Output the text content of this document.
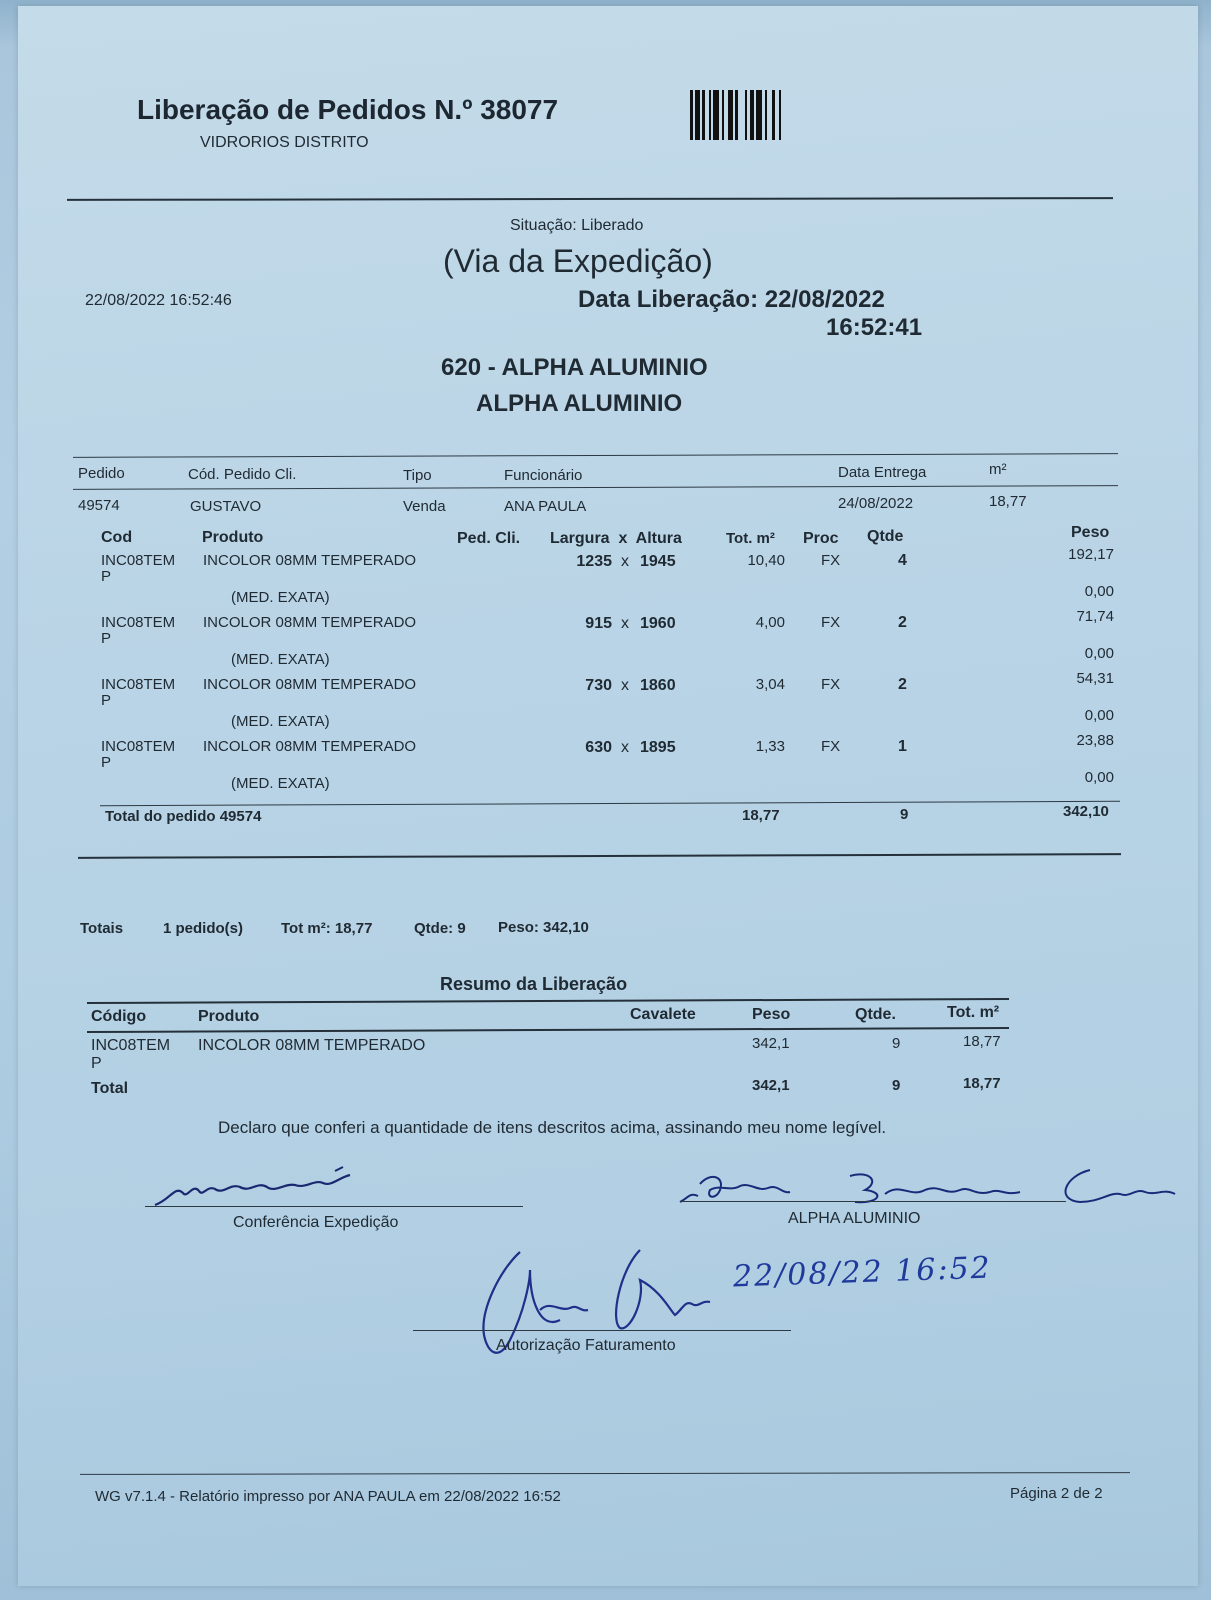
Liberação de Pedidos N.º 38077
VIDRORIOS DISTRITO
Situação: Liberado
(Via da Expedição)
22/08/2022 16:52:46	Data Liberação: 22/08/2022
16:52:41
620 - ALPHA ALUMINIO
ALPHA ALUMINIO
Pedido	Cód. Pedido Cli.	Tipo	Funcionário	Data Entrega	m²
49574	GUSTAVO	Venda	ANA PAULA	24/08/2022	18,77
Cod	Produto	Ped. Cli. Largura  x  Altura	Tot. m² Proc Qtde	Peso
INC08TEM
P
INCOLOR 08MM TEMPERADO	1235 x 1945	10,40 FX	4	192,17
(MED. EXATA)	0,00
INC08TEM
P
INCOLOR 08MM TEMPERADO	915 x 1960	4,00 FX	2	71,74
(MED. EXATA)	0,00
INC08TEM
P
INCOLOR 08MM TEMPERADO	730 x 1860	3,04 FX	2	54,31
(MED. EXATA)	0,00
INC08TEM
P
INCOLOR 08MM TEMPERADO	630 x 1895	1,33 FX	1	23,88
(MED. EXATA)	0,00
Total do pedido 49574	18,77	9	342,10
Totais	1 pedido(s)	Tot m²: 18,77	Qtde: 9 Peso: 342,10
Resumo da Liberação
Código	Produto	Cavalete	Peso	Qtde.	Tot. m²
INC08TEM
P
INCOLOR 08MM TEMPERADO	342,1	9	18,77
Total	342,1	9	18,77
Declaro que conferi a quantidade de itens descritos acima, assinando meu nome legível.
Conferência Expedição	ALPHA ALUMINIO
22/08/22 16:52
Autorização Faturamento
WG v7.1.4 - Relatório impresso por ANA PAULA em 22/08/2022 16:52	Página 2 de 2
